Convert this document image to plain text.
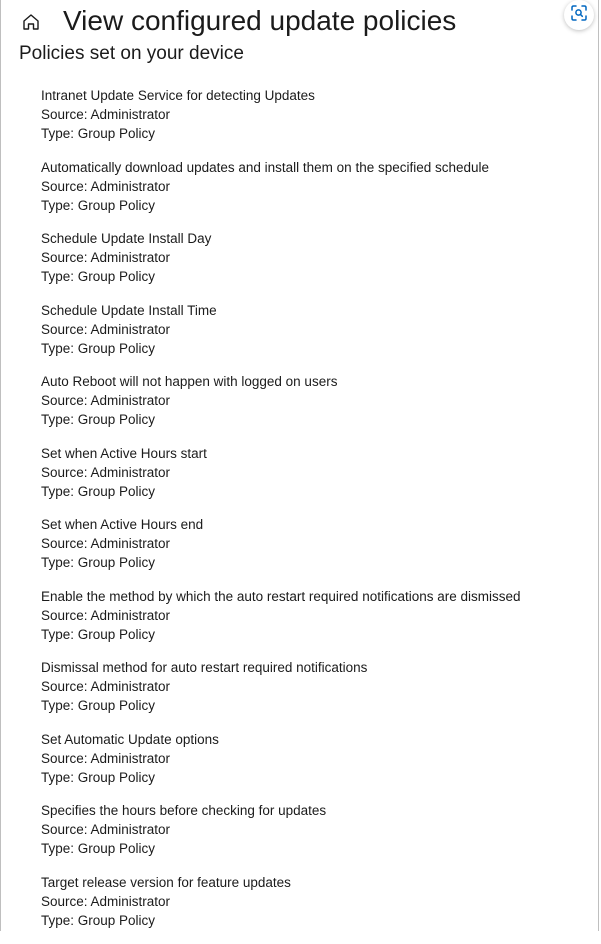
View configured update policies
Policies set on your device
Intranet Update Service for detecting Updates
Source: Administrator
Type: Group Policy
Automatically download updates and install them on the specified schedule
Source: Administrator
Type: Group Policy
Schedule Update Install Day
Source: Administrator
Type: Group Policy
Schedule Update Install Time
Source: Administrator
Type: Group Policy
Auto Reboot will not happen with logged on users
Source: Administrator
Type: Group Policy
Set when Active Hours start
Source: Administrator
Type: Group Policy
Set when Active Hours end
Source: Administrator
Type: Group Policy
Enable the method by which the auto restart required notifications are dismissed
Source: Administrator
Type: Group Policy
Dismissal method for auto restart required notifications
Source: Administrator
Type: Group Policy
Set Automatic Update options
Source: Administrator
Type: Group Policy
Specifies the hours before checking for updates
Source: Administrator
Type: Group Policy
Target release version for feature updates
Source: Administrator
Type: Group Policy
